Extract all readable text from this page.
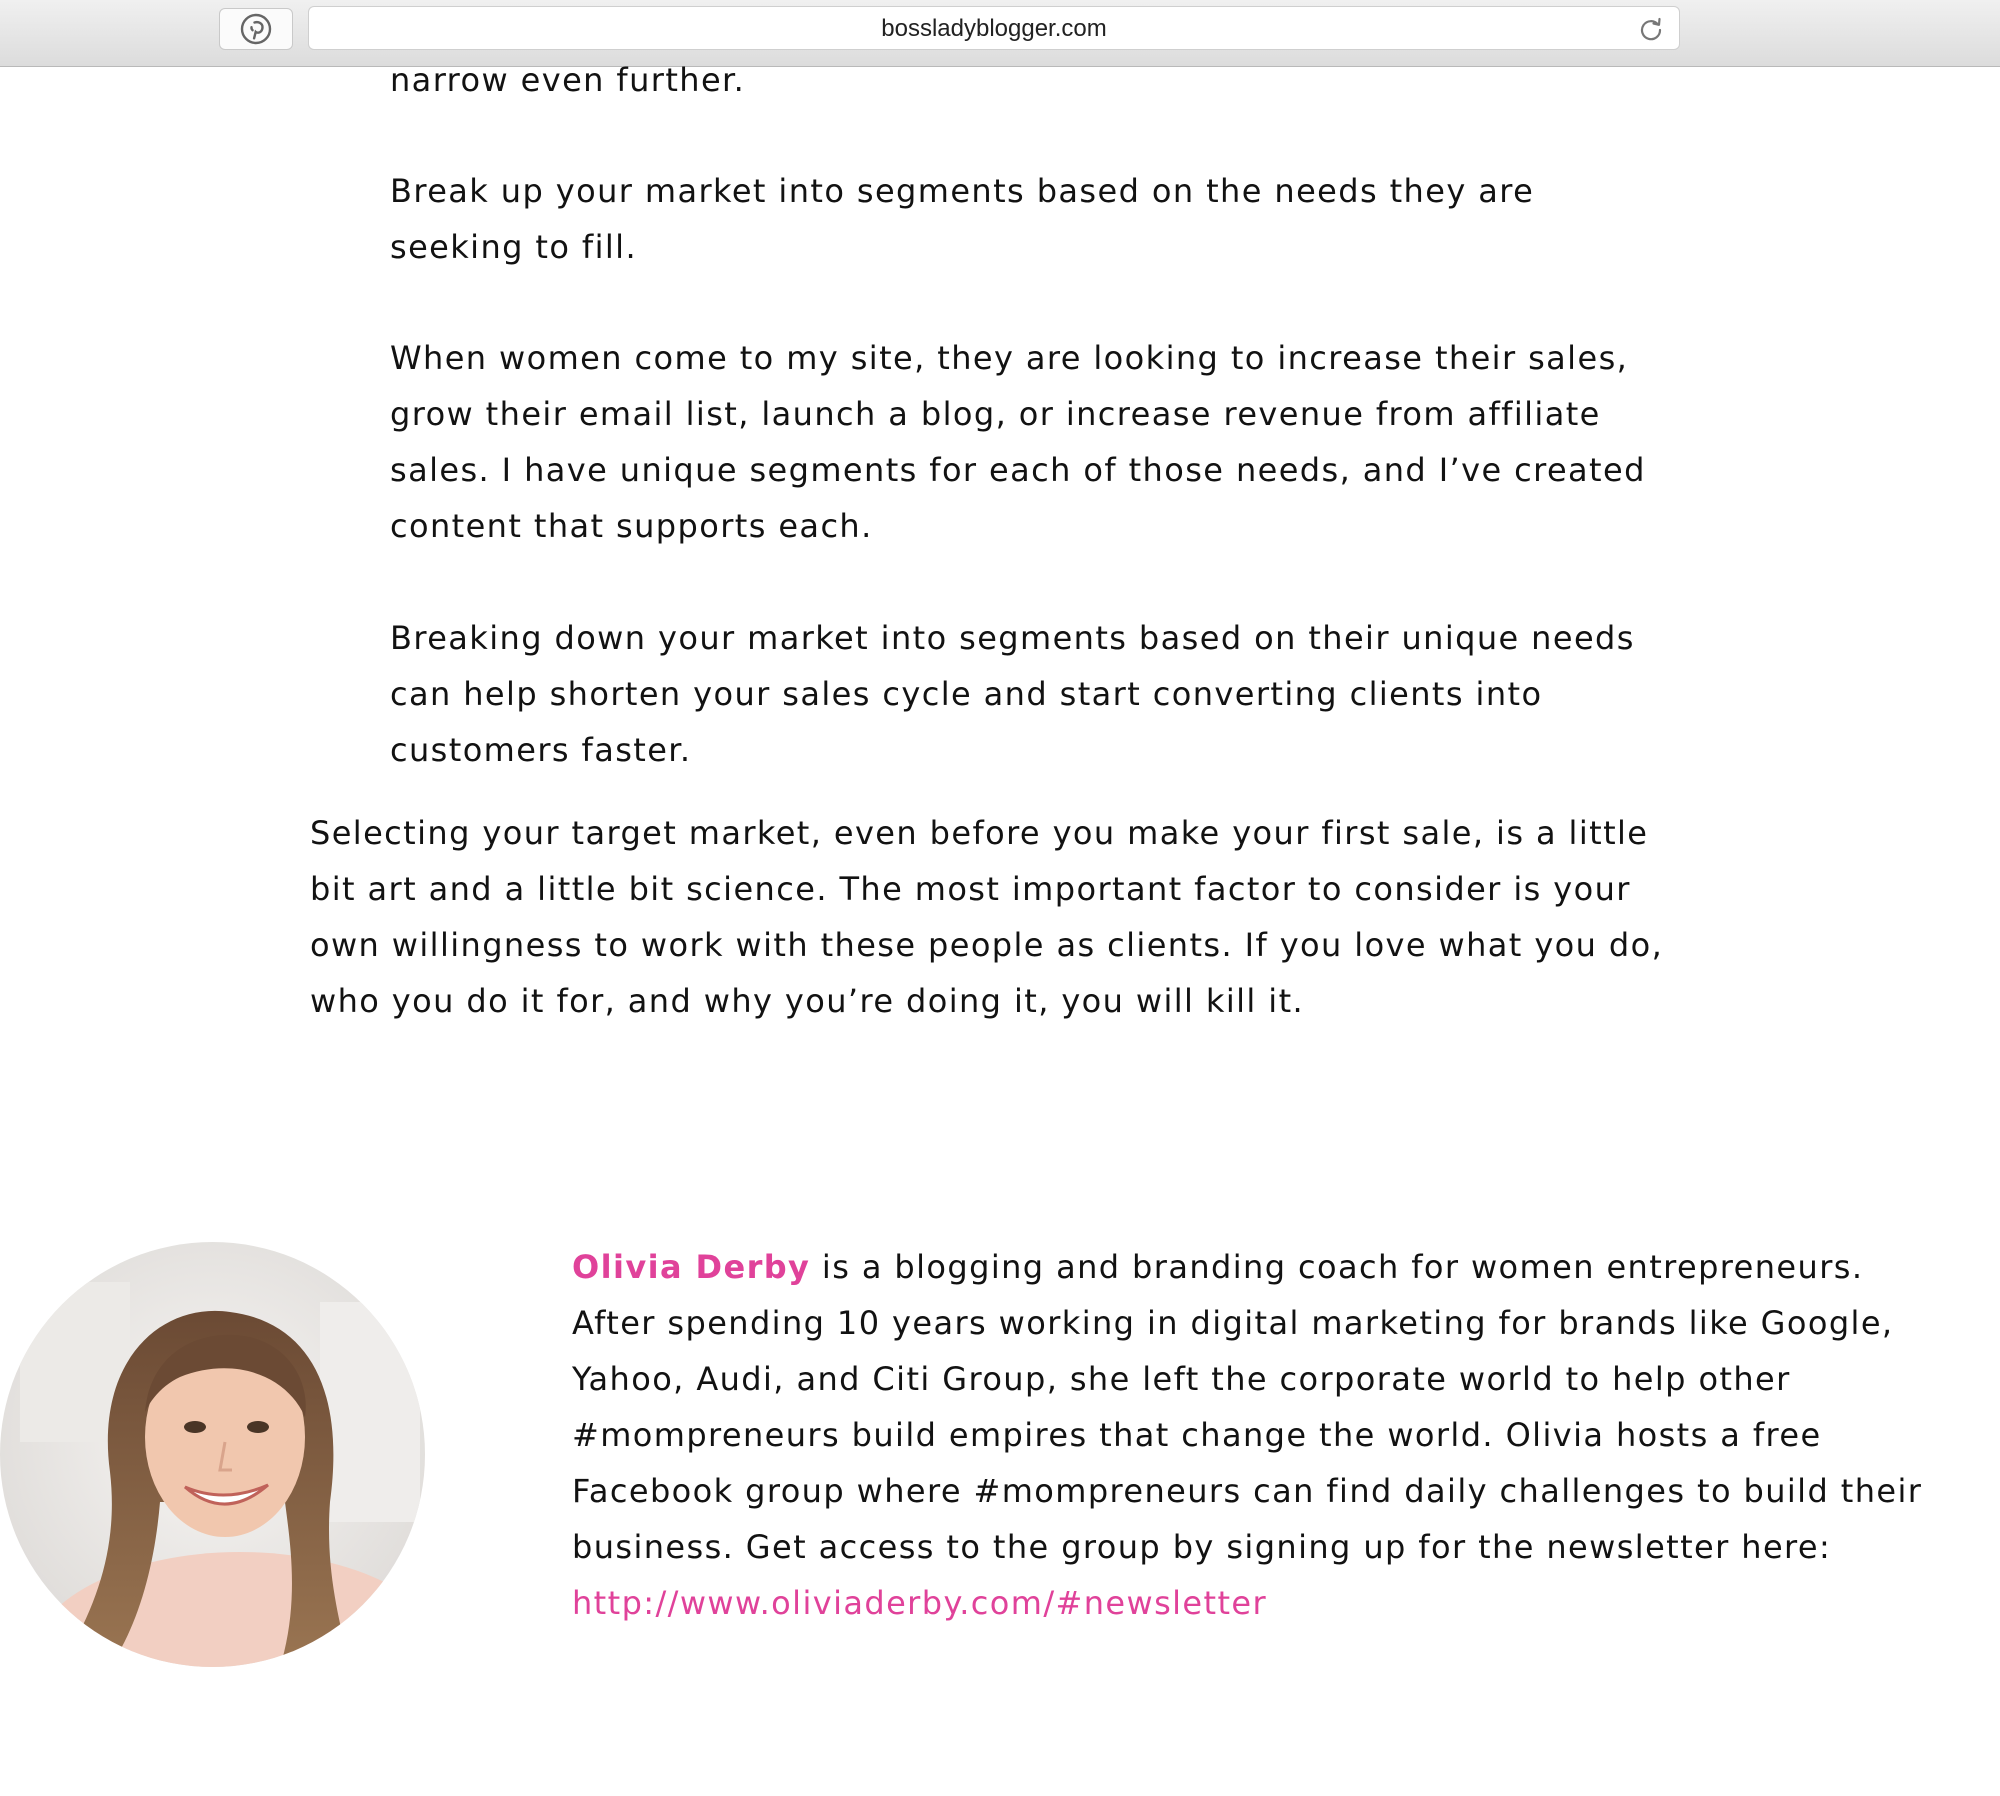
bossladyblogger.com

narrow even further.

Break up your market into segments based on the needs they are seeking to fill.

When women come to my site, they are looking to increase their sales, grow their email list, launch a blog, or increase revenue from affiliate sales. I have unique segments for each of those needs, and I’ve created content that supports each.

Breaking down your market into segments based on their unique needs can help shorten your sales cycle and start converting clients into customers faster.

Selecting your target market, even before you make your first sale, is a little bit art and a little bit science. The most important factor to consider is your own willingness to work with these people as clients. If you love what you do, who you do it for, and why you’re doing it, you will kill it.

Olivia Derby is a blogging and branding coach for women entrepreneurs. After spending 10 years working in digital marketing for brands like Google, Yahoo, Audi, and Citi Group, she left the corporate world to help other #mompreneurs build empires that change the world. Olivia hosts a free Facebook group where #mompreneurs can find daily challenges to build their business. Get access to the group by signing up for the newsletter here:
http://www.oliviaderby.com/#newsletter
